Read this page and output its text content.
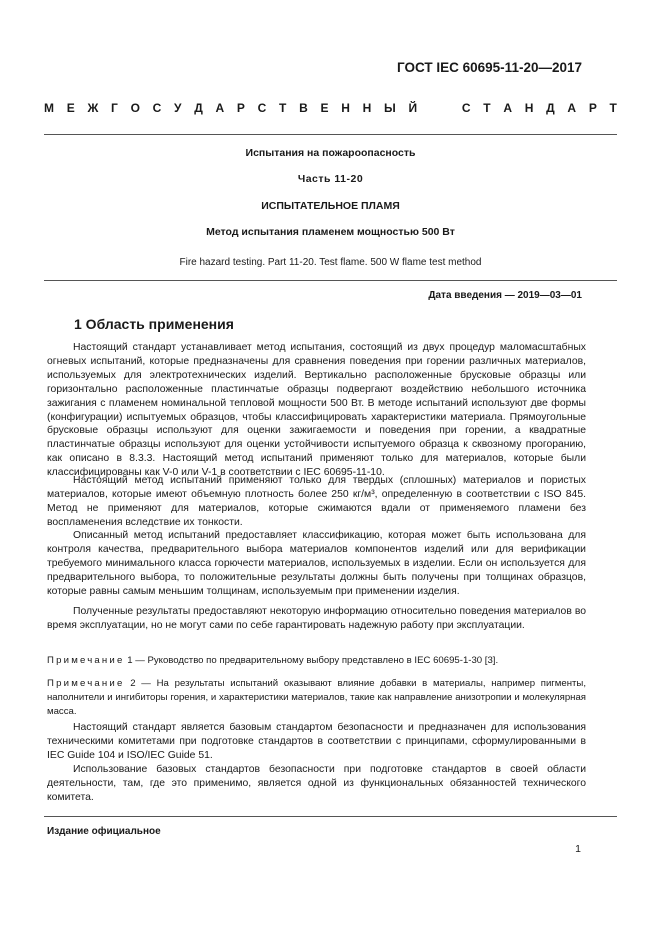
ГОСТ IEC 60695-11-20—2017
М Е Ж Г О С У Д А Р С Т В Е Н Н Ы Й

	С Т А Н Д А Р Т
Испытания на пожароопасность
Часть 11-20
ИСПЫТАТЕЛЬНОЕ ПЛАМЯ
Метод испытания пламенем мощностью 500 Вт
Fire hazard testing. Part 11-20. Test flame. 500 W flame test method
Дата введения — 2019—03—01
1 Область применения

Настоящий стандарт устанавливает метод испытания, состоящий из двух процедур маломасштабных огневых испытаний, которые предназначены для сравнения поведения при горении различных материалов, используемых для электротехнических изделий. Вертикально расположенные брусковые образцы или горизонтально расположенные пластинчатые образцы подвергают воздействию небольшого источника зажигания с пламенем номинальной тепловой мощности 500 Вт. В методе испытаний используют две формы (конфигурации) испытуемых образцов, чтобы классифицировать характеристики материала. Прямоугольные брусковые образцы используют для оценки зажигаемости и поведения при горении, а квадратные пластинчатые образцы используют для оценки устойчивости испытуемого образца к сквозному прогоранию, как описано в 8.3.3. Настоящий метод испытаний применяют только для материалов, которые были классифицированы как V-0 или V-1 в соответствии с IEC 60695-11-10.

Настоящий метод испытаний применяют только для твердых (сплошных) материалов и пористых материалов, которые имеют объемную плотность более 250 кг/м³, определенную в соответствии с ISO 845. Метод не применяют для материалов, которые сжимаются вдали от применяемого пламени без воспламенения вследствие их тонкости.

Описанный метод испытаний предоставляет классификацию, которая может быть использована для контроля качества, предварительного выбора материалов компонентов изделий или для верификации требуемого минимального класса горючести материалов, используемых в изделии. Если он используется для предварительного выбора, то положительные результаты должны быть получены при толщинах образцов, которые равны самым меньшим толщинам, используемым при применении изделия.

Полученные результаты предоставляют некоторую информацию относительно поведения материалов во время эксплуатации, но не могут сами по себе гарантировать надежную работу при эксплуатации.

Примечание 1 — Руководство по предварительному выбору представлено в IEC 60695-1-30 [3].

Примечание 2 — На результаты испытаний оказывают влияние добавки в материалы, например пигменты, наполнители и ингибиторы горения, и характеристики материалов, такие как направление анизотропии и молекулярная масса.

Настоящий стандарт является базовым стандартом безопасности и предназначен для использования техническими комитетами при подготовке стандартов в соответствии с принципами, сформулированными в IEC Guide 104 и ISO/IEC Guide 51.

Использование базовых стандартов безопасности при подготовке стандартов в своей области деятельности, там, где это применимо, является одной из функциональных обязанностей технического комитета.

Издание официальное
1
